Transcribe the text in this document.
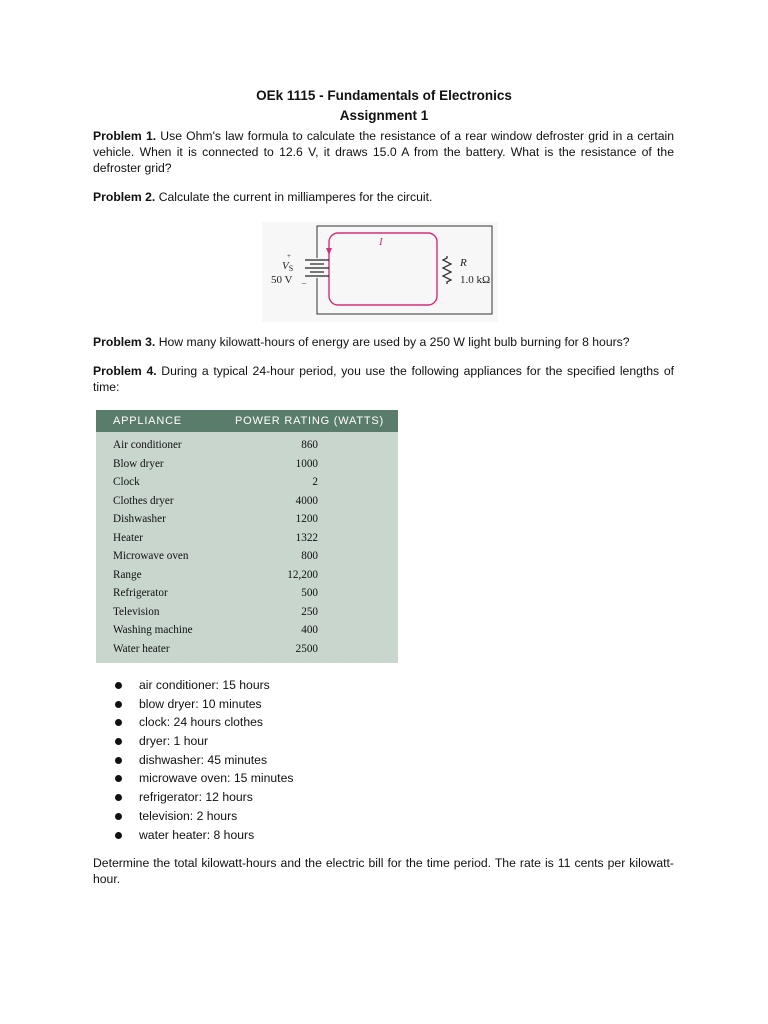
OEk 1115 - Fundamentals of Electronics
Assignment 1
Problem 1. Use Ohm's law formula to calculate the resistance of a rear window defroster grid in a certain vehicle. When it is connected to 12.6 V, it draws 15.0 A from the battery. What is the resistance of the defroster grid?
Problem 2. Calculate the current in milliamperes for the circuit.
+
VS
50 V _
R
1.0 kΩ
I
Problem 3. How many kilowatt-hours of energy are used by a 250 W light bulb burning for 8 hours?
Problem 4. During a typical 24-hour period, you use the following appliances for the specified lengths of time:
APPLIANCE	POWER RATING (WATTS)
Air conditioner	860
Blow dryer	1000
Clock	2
Clothes dryer	4000
Dishwasher	1200
Heater	1322
Microwave oven	800
Range	12,200
Refrigerator	500
Television	250
Washing machine	400
Water heater	2500
air conditioner: 15 hours
blow dryer: 10 minutes
clock: 24 hours clothes
dryer: 1 hour
dishwasher: 45 minutes
microwave oven: 15 minutes
refrigerator: 12 hours
television: 2 hours
water heater: 8 hours
Determine the total kilowatt-hours and the electric bill for the time period. The rate is 11 cents per kilowatt-hour.
